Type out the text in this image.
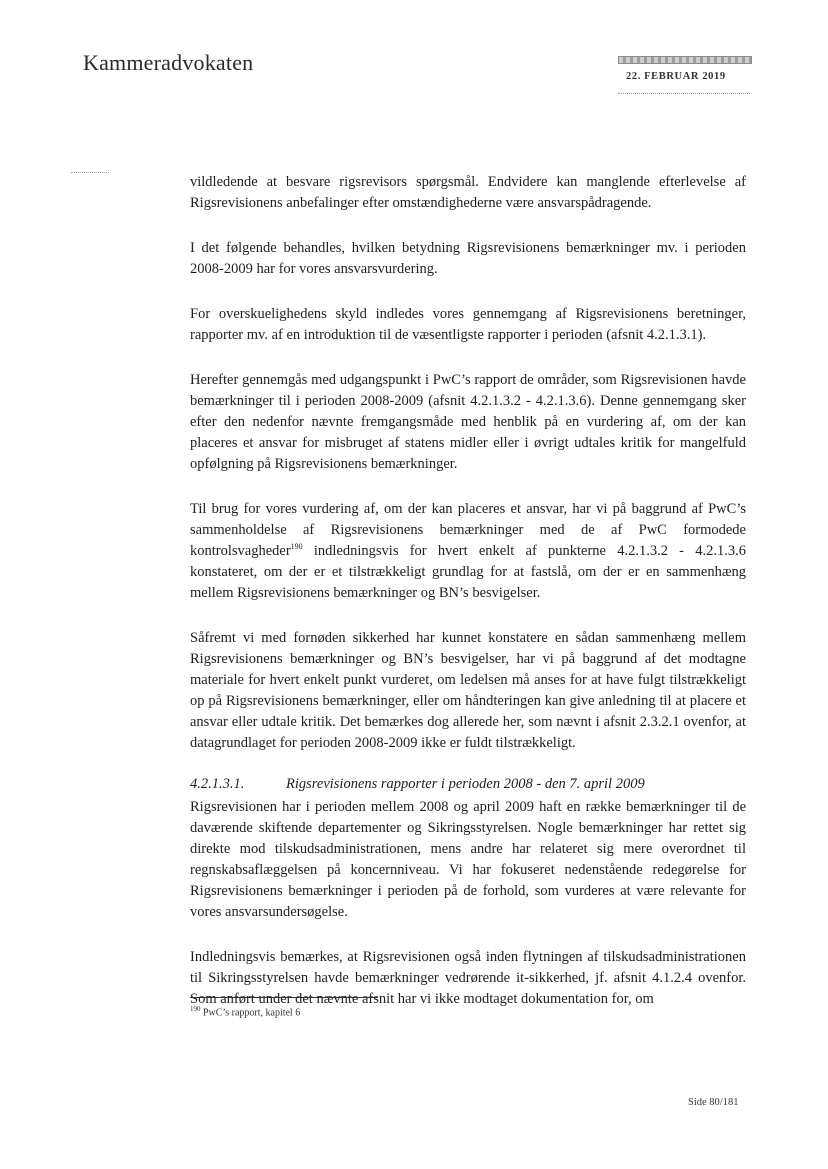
Kammeradvokaten
22. FEBRUAR 2019

vildledende at besvare rigsrevisors spørgsmål. Endvidere kan manglende efterlevelse af Rigsrevisionens anbefalinger efter omstændighederne være ansvarspådragende.

I det følgende behandles, hvilken betydning Rigsrevisionens bemærkninger mv. i perioden 2008-2009 har for vores ansvarsvurdering.

For overskuelighedens skyld indledes vores gennemgang af Rigsrevisionens beretninger, rapporter mv. af en introduktion til de væsentligste rapporter i perioden (afsnit 4.2.1.3.1).

Herefter gennemgås med udgangspunkt i PwC’s rapport de områder, som Rigsrevisionen havde bemærkninger til i perioden 2008-2009 (afsnit 4.2.1.3.2 - 4.2.1.3.6). Denne gennemgang sker efter den nedenfor nævnte fremgangsmåde med henblik på en vurdering af, om der kan placeres et ansvar for misbruget af statens midler eller i øvrigt udtales kritik for mangelfuld opfølgning på Rigsrevisionens bemærkninger.

Til brug for vores vurdering af, om der kan placeres et ansvar, har vi på baggrund af PwC’s sammenholdelse af Rigsrevisionens bemærkninger med de af PwC formodede kontrolsvagheder$^{190}$ indledningsvis for hvert enkelt af punkterne 4.2.1.3.2 - 4.2.1.3.6 konstateret, om der er et tilstrækkeligt grundlag for at fastslå, om der er en sammenhæng mellem Rigsrevisionens bemærkninger og BN’s besvigelser.

Såfremt vi med fornøden sikkerhed har kunnet konstatere en sådan sammenhæng mellem Rigsrevisionens bemærkninger og BN’s besvigelser, har vi på baggrund af det modtagne materiale for hvert enkelt punkt vurderet, om ledelsen må anses for at have fulgt tilstrækkeligt op på Rigsrevisionens bemærkninger, eller om håndteringen kan give anledning til at placere et ansvar eller udtale kritik. Det bemærkes dog allerede her, som nævnt i afsnit 2.3.2.1 ovenfor, at datagrundlaget for perioden 2008-2009 ikke er fuldt tilstrækkeligt.

4.2.1.3.1.	Rigsrevisionens rapporter i perioden 2008 - den 7. april 2009

Rigsrevisionen har i perioden mellem 2008 og april 2009 haft en række bemærkninger til de daværende skiftende departementer og Sikringsstyrelsen. Nogle bemærkninger har rettet sig direkte mod tilskudsadministrationen, mens andre har relateret sig mere overordnet til regnskabsaflæggelsen på koncernniveau. Vi har fokuseret nedenstående redegørelse for Rigsrevisionens bemærkninger i perioden på de forhold, som vurderes at være relevante for vores ansvarsundersøgelse.

Indledningsvis bemærkes, at Rigsrevisionen også inden flytningen af tilskudsadministrationen til Sikringsstyrelsen havde bemærkninger vedrørende it-sikkerhed, jf. afsnit 4.1.2.4 ovenfor. Som anført under det nævnte afsnit har vi ikke modtaget dokumentation for, om

$^{190}$ PwC’s rapport, kapitel 6
Side 80/181
